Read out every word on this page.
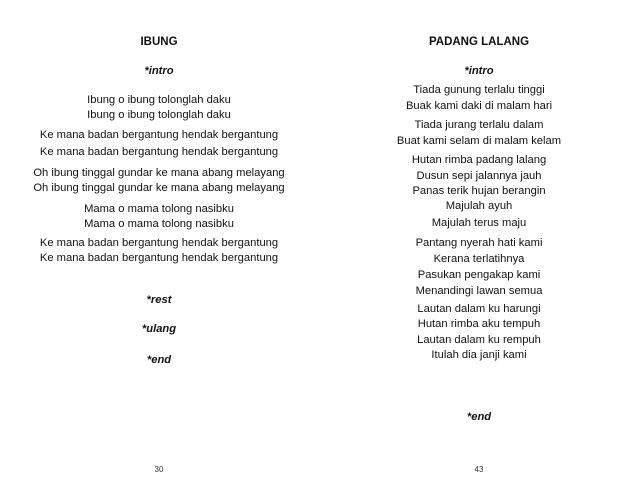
IBUNG
*intro
Ibung o ibung tolonglah daku
Ibung o ibung tolonglah daku
Ke mana badan bergantung hendak bergantung
Ke mana badan bergantung hendak bergantung
Oh ibung tinggal gundar ke mana abang melayang
Oh ibung tinggal gundar ke mana abang melayang
Mama o mama tolong nasibku
Mama o mama tolong nasibku
Ke mana badan bergantung hendak bergantung
Ke mana badan bergantung hendak bergantung
*rest
*ulang
*end
30
PADANG LALANG
*intro
Tiada gunung terlalu tinggi
Buak kami daki di malam hari
Tiada jurang terlalu dalam
Buat kami selam di malam kelam
Hutan rimba padang lalang
Dusun sepi jalannya jauh
Panas terik hujan berangin
Majulah ayuh
Majulah terus maju
Pantang nyerah hati kami
Kerana terlatihnya
Pasukan pengakap kami
Menandingi lawan semua
Lautan dalam ku harungi
Hutan rimba aku tempuh
Lautan dalam ku rempuh
Itulah dia janji kami
*end
43
